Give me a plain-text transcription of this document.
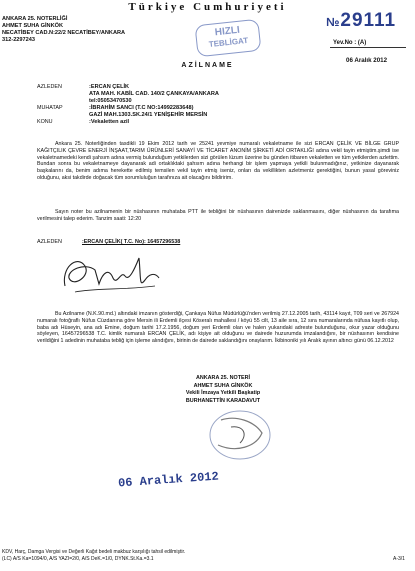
Türkiye Cumhuriyeti
ANKARA 25. NOTERLİĞİ
AHMET SUHA GİNKÖK
NECATİBEY CAD.N:22/2 NECATİBEY/ANKARA
312-2297243
HIZLI
TEBLİGAT
№29111
Yev.No : (A)
AZİLNAME
06 Aralık 2012
AZLEDEN	:ERCAN ÇELİK
ATA MAH. KABİL CAD. 140/2 ÇANKAYA/ANKARA
tel:05053470530
MUHATAP	:İBRAHİM SANCI (T.C NO:14992283648)
GAZİ MAH.1303.SK.24/1 YENİŞEHİR MERSİN
KONU	:Vekaletten azil
Ankara 25. Noterliğinden tasdikli 19 Ekim 2012 tarih ve 25241 yevmiye numaralı vekaletname ile sizi ERCAN ÇELİK VE BİLGE GRUP KAĞITÇILIK ÇEVRE ENERJİ İNŞAAT,TARIM ÜRÜNLERİ SANAYİ VE TİCARET ANONİM ŞİRKETİ ADİ ORTAKLIĞI adına vekil tayin etmiştim.şimdi ise vekaletnamedeki kendi şahsım adına vermiş bulunduğum yetkilerden sizi görülen lüzum üzerine bu günden itibaren vekaletten ve tüm yetkilerden azlettim. Bundan sonra bu vekaletnameye dayanarak adi ortaklıktaki şahsım adına herhangi bir işlem yapmaya yetkili bulunmadığınız, yetkinize dayanarak başkalarını da, benim adıma herekette edilmiş temsilen vekil tayin etmiş iseniz, onları da vekillikten azletmeniz gerektiğini, bunun yasal göreviniz olduğunu, aksi takdirde doğacak tüm sorumluluğun tarafınıza ait olacağını bildiririm.
Sayın noter bu azilnamenin bir nüshasının muhataba PTT ile tebliğini bir nüshasının dairenizde saklanmasını, diğer nüshasının da tarafıma verilmesini talep ederim. Tanzim saati: 12:20
AZLEDEN	:ERCAN ÇELİK( T.C. No): 16457296538
Bu Azilname (N.K.90.md.) altındaki imzanın gösterdiği, Çankaya Nüfus Müdürlüğü'nden verilmiş 27.12.2005 tarih, 43114 kayıt, T09 seri ve 267924 numaralı fotoğraflı Nüfus Cüzdanına göre Mersin ili Erdemli ilçesi Köseralı mahallesi / köyü 55 cilt, 13 aile sıra, 12 sıra numaralarında nüfusa kayıtlı olup, baba adı Hüseyin, ana adı Emine, doğum tarihi 17.2.1956, doğum yeri Erdemli olan ve halen yukarıdaki adreste bulunduğunu, okur yazar olduğunu söyleyen, 16457296538 T.C. kimlik numaralı ERCAN ÇELİK, adı kişiye ait olduğunu ve dairede huzurumda imzalandığını, bir nüshasının kendisine verildiğini 1 adedinin muhataba tebliğ için işleme alındığını, birinin de dairede saklandığını onaylarım. İkibinoniki yılı Aralık ayının altıncı günü 06.12.2012
ANKARA 25. NOTERİ
AHMET SUHA GİNKÖK
Vekili İmzaya Yetkili Başkatip
BURHANETTİN KARADAVUT
06 Aralık 2012
KDV, Harç, Damga Vergisi ve Değerli Kağıt bedeli makbuz karşılığı tahsil edilmiştir.
(LC) A/S Ka=1094/0, A/S YAZI=2/0, A/S DeK.=1/0, DYNK.St.Ka.=3.1	A-3/1
